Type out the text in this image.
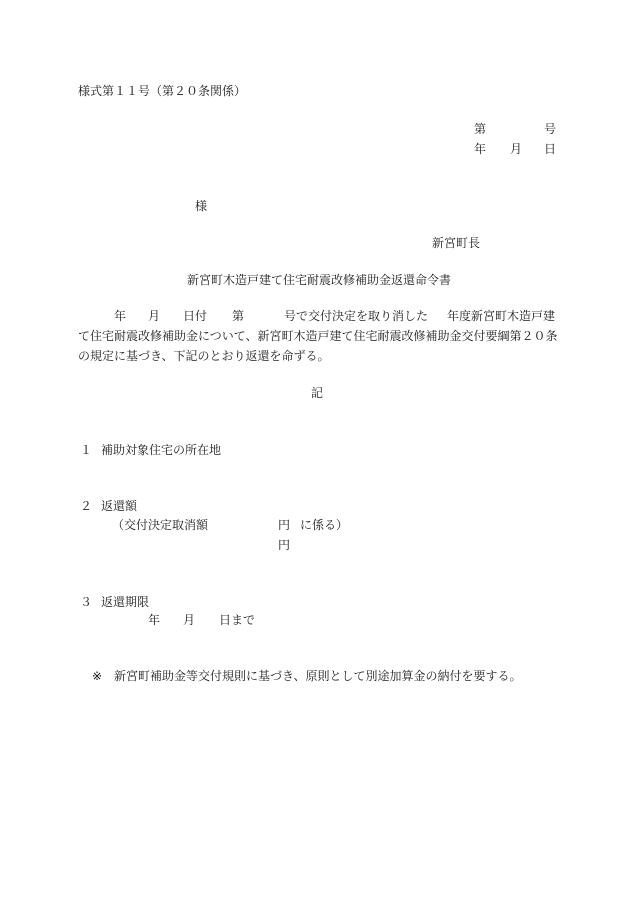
様式第１１号（第２０条関係）
第	号
年 月 日
様
新宮町長
新宮町木造戸建て住宅耐震改修補助金返還命令書
年 月 日付 第	号で交付決定を取り消した 年度新宮町木造戸建
て住宅耐震改修補助金について、新宮町木造戸建て住宅耐震改修補助金交付要綱第２０条
の規定に基づき、下記のとおり返還を命ずる。
記
１ 補助対象住宅の所在地
２ 返還額
（交付決定取消額	円 に係る）
円
３ 返還期限
年 月 日まで
※ 新宮町補助金等交付規則に基づき、原則として別途加算金の納付を要する。
